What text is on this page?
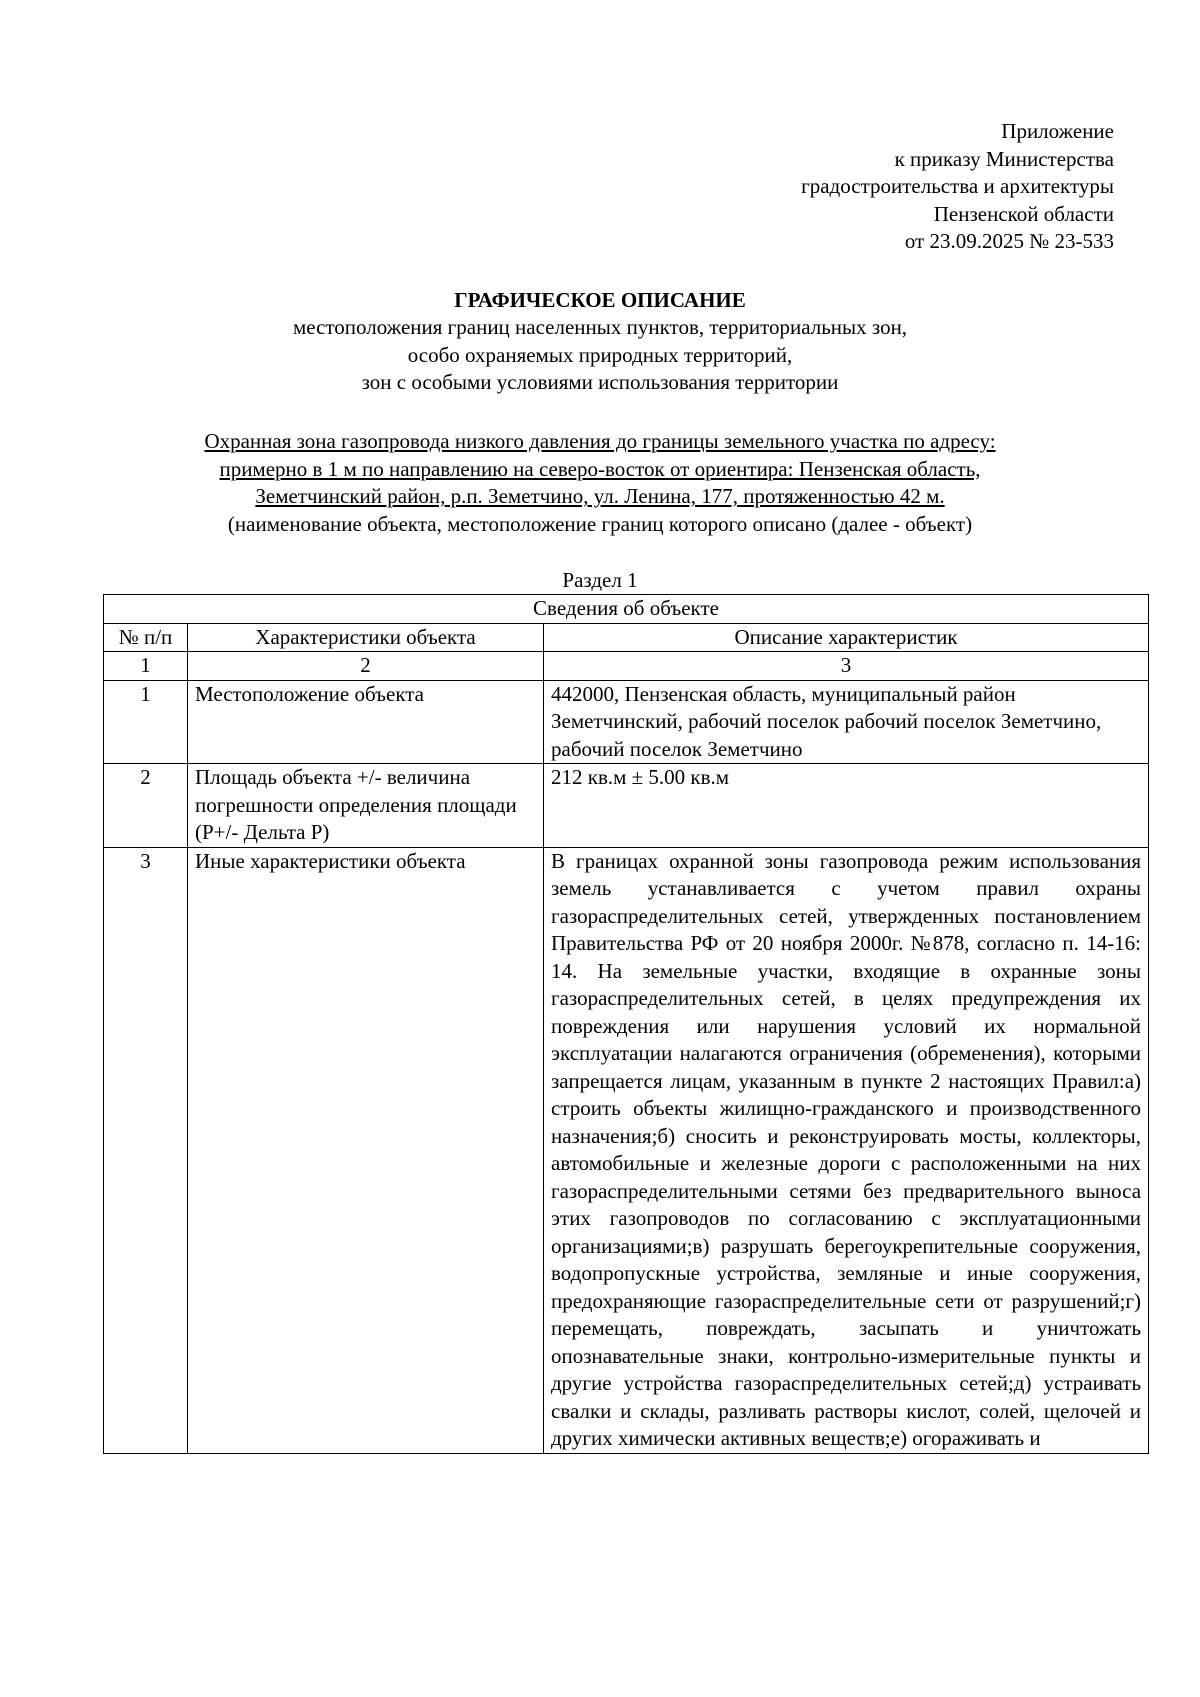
Приложение
к приказу Министерства
градостроительства и архитектуры
Пензенской области
от 23.09.2025 № 23-533
ГРАФИЧЕСКОЕ ОПИСАНИЕ
местоположения границ населенных пунктов, территориальных зон,
особо охраняемых природных территорий,
зон с особыми условиями использования территории
Охранная зона газопровода низкого давления до границы земельного участка по адресу:
примерно в 1 м по направлению на северо-восток от ориентира: Пензенская область,
Земетчинский район, р.п. Земетчино, ул. Ленина, 177, протяженностью 42 м.
(наименование объекта, местоположение границ которого описано (далее - объект)
Раздел 1
Сведения об объекте		
№ п/п	Характеристики объекта	Описание характеристик
1	2	3
1	Местоположение объекта	442000, Пензенская область, муниципальный район Земетчинский, рабочий поселок рабочий поселок Земетчино, рабочий поселок Земетчино
2	Площадь объекта +/- величина погрешности определения площади (Р+/- Дельта Р)	212 кв.м ± 5.00 кв.м
3	Иные характеристики объекта	В границах охранной зоны газопровода режим использования земель устанавливается с учетом правил охраны газораспределительных сетей, утвержденных постановлением Правительства РФ от 20 ноября 2000г. №878, согласно п. 14-16: 14. На земельные участки, входящие в охранные зоны газораспределительных сетей, в целях предупреждения их повреждения или нарушения условий их нормальной эксплуатации налагаются ограничения (обременения), которыми запрещается лицам, указанным в пункте 2 настоящих Правил:а) строить объекты жилищно-гражданского и производственного назначения;б) сносить и реконструировать мосты, коллекторы, автомобильные и железные дороги с расположенными на них газораспределительными сетями без предварительного выноса этих газопроводов по согласованию с эксплуатационными организациями;в) разрушать берегоукрепительные сооружения, водопропускные устройства, земляные и иные сооружения, предохраняющие газораспределительные сети от разрушений;г) перемещать, повреждать, засыпать и уничтожать опознавательные знаки, контрольно-измерительные пункты и другие устройства газораспределительных сетей;д) устраивать свалки и склады, разливать растворы кислот, солей, щелочей и других химически активных веществ;е) огораживать и
